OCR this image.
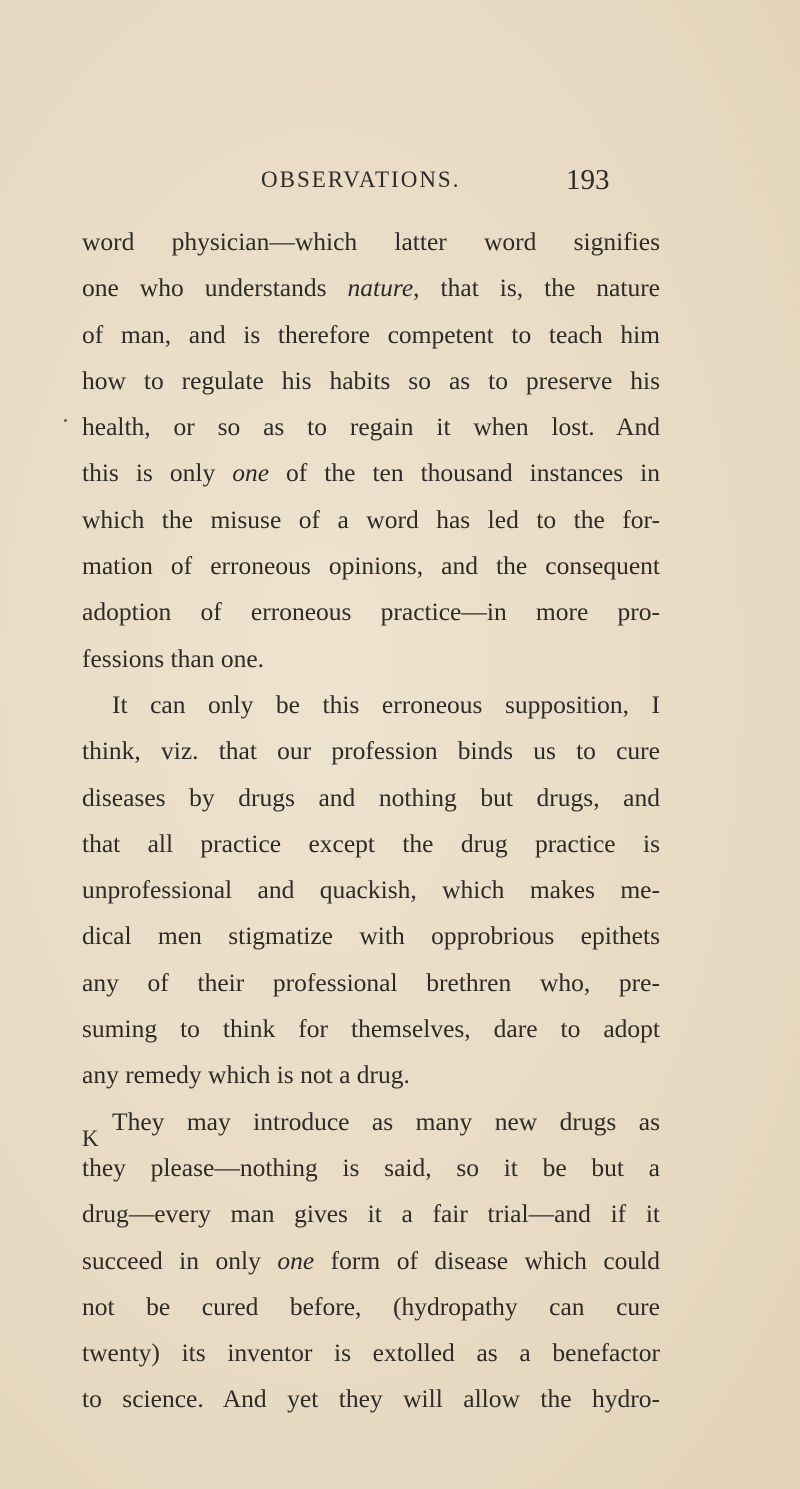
OBSERVATIONS.	193
word physician—which latter word signifies
one who understands nature, that is, the nature
of man, and is therefore competent to teach him
how to regulate his habits so as to preserve his
health, or so as to regain it when lost. And
this is only one of the ten thousand instances in
which the misuse of a word has led to the for-
mation of erroneous opinions, and the consequent
adoption of erroneous practice—in more pro-
fessions than one.
It can only be this erroneous supposition, I
think, viz. that our profession binds us to cure
diseases by drugs and nothing but drugs, and
that all practice except the drug practice is
unprofessional and quackish, which makes me-
dical men stigmatize with opprobrious epithets
any of their professional brethren who, pre-
suming to think for themselves, dare to adopt
any remedy which is not a drug.
They may introduce as many new drugs as
they please—nothing is said, so it be but a
drug—every man gives it a fair trial—and if it
succeed in only one form of disease which could
not be cured before, (hydropathy can cure
twenty) its inventor is extolled as a benefactor
to science. And yet they will allow the hydro-
K
